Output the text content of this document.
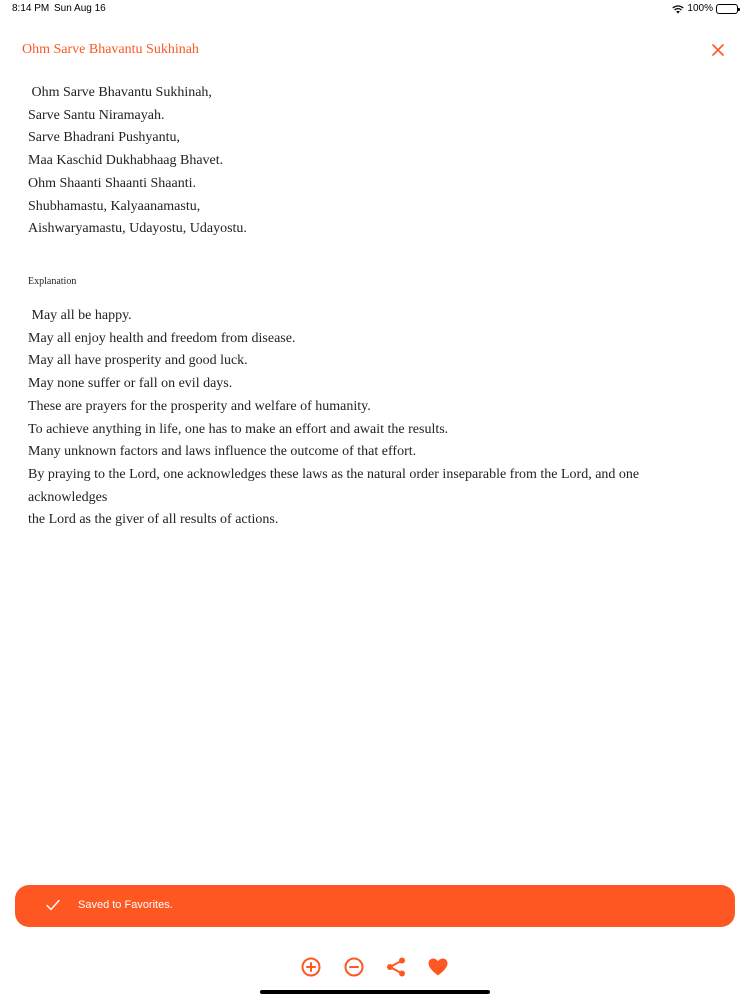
8:14 PM Sun Aug 16	100%
Ohm Sarve Bhavantu Sukhinah
Ohm Sarve Bhavantu Sukhinah,
Sarve Santu Niramayah.
Sarve Bhadrani Pushyantu,
Maa Kaschid Dukhabhaag Bhavet.
Ohm Shaanti Shaanti Shaanti.
Shubhamastu, Kalyaanamastu,
Aishwaryamastu, Udayostu, Udayostu.
Explanation
May all be happy.
May all enjoy health and freedom from disease.
May all have prosperity and good luck.
May none suffer or fall on evil days.
These are prayers for the prosperity and welfare of humanity.
To achieve anything in life, one has to make an effort and await the results.
Many unknown factors and laws influence the outcome of that effort.
By praying to the Lord, one acknowledges these laws as the natural order inseparable from the Lord, and one
acknowledges
the Lord as the giver of all results of actions.
Saved to Favorites.
